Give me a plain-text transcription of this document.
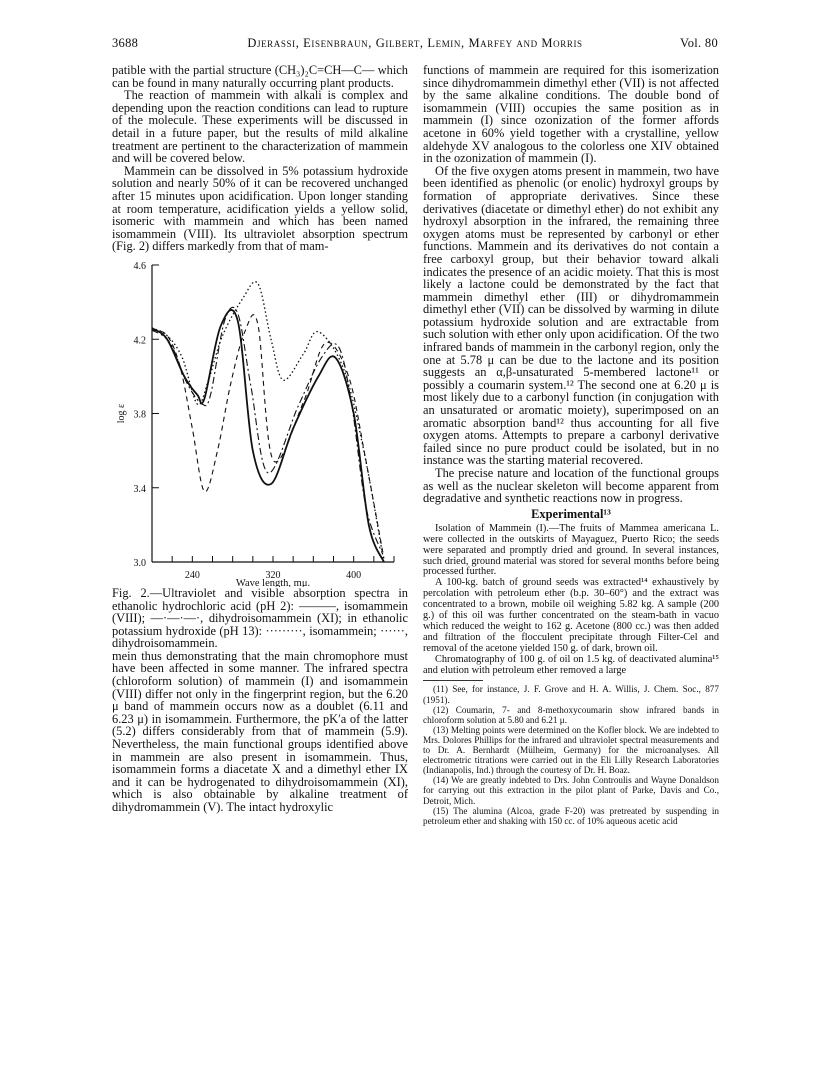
3688	Djerassi, Eisenbraun, Gilbert, Lemin, Marfey and Morris	Vol. 80

patible with the partial structure (CH₃)₂C=CH—C— which can be found in many naturally occurring plant products.

The reaction of mammein with alkali is complex and depending upon the reaction conditions can lead to rupture of the molecule. These experiments will be discussed in detail in a future paper, but the results of mild alkaline treatment are pertinent to the characterization of mammein and will be covered below.

Mammein can be dissolved in 5% potassium hydroxide solution and nearly 50% of it can be recovered unchanged after 15 minutes upon acidification. Upon longer standing at room temperature, acidification yields a yellow solid, isomeric with mammein and which has been named isomammein (VIII). Its ultraviolet absorption spectrum (Fig. 2) differs markedly from that of mam-

3.0
3.4
3.8
4.2
4.6
240	320	400
Wave length, mμ.
log ε

Fig. 2.—Ultraviolet and visible absorption spectra in ethanolic hydrochloric acid (pH 2): ———, isomammein (VIII); —·—·—·, dihydroisomammein (XI); in ethanolic potassium hydroxide (pH 13): ·········, isomammein; ······, dihydroisomammein.

mein thus demonstrating that the main chromophore must have been affected in some manner. The infrared spectra (chloroform solution) of mammein (I) and isomammein (VIII) differ not only in the fingerprint region, but the 6.20 μ band of mammein occurs now as a doublet (6.11 and 6.23 μ) in isomammein. Furthermore, the pK′a of the latter (5.2) differs considerably from that of mammein (5.9). Nevertheless, the main functional groups identified above in mammein are also present in isomammein. Thus, isomammein forms a diacetate X and a dimethyl ether IX and it can be hydrogenated to dihydroisomammein (XI), which is also obtainable by alkaline treatment of dihydromammein (V). The intact hydroxylic

functions of mammein are required for this isomerization since dihydromammein dimethyl ether (VII) is not affected by the same alkaline conditions. The double bond of isomammein (VIII) occupies the same position as in mammein (I) since ozonization of the former affords acetone in 60% yield together with a crystalline, yellow aldehyde XV analogous to the colorless one XIV obtained in the ozonization of mammein (I).

Of the five oxygen atoms present in mammein, two have been identified as phenolic (or enolic) hydroxyl groups by formation of appropriate derivatives. Since these derivatives (diacetate or dimethyl ether) do not exhibit any hydroxyl absorption in the infrared, the remaining three oxygen atoms must be represented by carbonyl or ether functions. Mammein and its derivatives do not contain a free carboxyl group, but their behavior toward alkali indicates the presence of an acidic moiety. That this is most likely a lactone could be demonstrated by the fact that mammein dimethyl ether (III) or dihydromammein dimethyl ether (VII) can be dissolved by warming in dilute potassium hydroxide solution and are extractable from such solution with ether only upon acidification. Of the two infrared bands of mammein in the carbonyl region, only the one at 5.78 μ can be due to the lactone and its position suggests an α,β-unsaturated 5-membered lactone¹¹ or possibly a coumarin system.¹² The second one at 6.20 μ is most likely due to a carbonyl function (in conjugation with an unsaturated or aromatic moiety), superimposed on an aromatic absorption band¹² thus accounting for all five oxygen atoms. Attempts to prepare a carbonyl derivative failed since no pure product could be isolated, but in no instance was the starting material recovered.

The precise nature and location of the functional groups as well as the nuclear skeleton will become apparent from degradative and synthetic reactions now in progress.

Experimental¹³

Isolation of Mammein (I).—The fruits of Mammea americana L. were collected in the outskirts of Mayaguez, Puerto Rico; the seeds were separated and promptly dried and ground. In several instances, such dried, ground material was stored for several months before being processed further.

A 100-kg. batch of ground seeds was extracted¹⁴ exhaustively by percolation with petroleum ether (b.p. 30–60°) and the extract was concentrated to a brown, mobile oil weighing 5.82 kg. A sample (200 g.) of this oil was further concentrated on the steam-bath in vacuo which reduced the weight to 162 g. Acetone (800 cc.) was then added and filtration of the flocculent precipitate through Filter-Cel and removal of the acetone yielded 150 g. of dark, brown oil.

Chromatography of 100 g. of oil on 1.5 kg. of deactivated alumina¹⁵ and elution with petroleum ether removed a large

(11) See, for instance, J. F. Grove and H. A. Willis, J. Chem. Soc., 877 (1951).

(12) Coumarin, 7- and 8-methoxycoumarin show infrared bands in chloroform solution at 5.80 and 6.21 μ.

(13) Melting points were determined on the Kofler block. We are indebted to Mrs. Dolores Phillips for the infrared and ultraviolet spectral measurements and to Dr. A. Bernhardt (Mülheim, Germany) for the microanalyses. All electrometric titrations were carried out in the Eli Lilly Research Laboratories (Indianapolis, Ind.) through the courtesy of Dr. H. Boaz.

(14) We are greatly indebted to Drs. John Controulis and Wayne Donaldson for carrying out this extraction in the pilot plant of Parke, Davis and Co., Detroit, Mich.

(15) The alumina (Alcoa, grade F-20) was pretreated by suspending in petroleum ether and shaking with 150 cc. of 10% aqueous acetic acid
